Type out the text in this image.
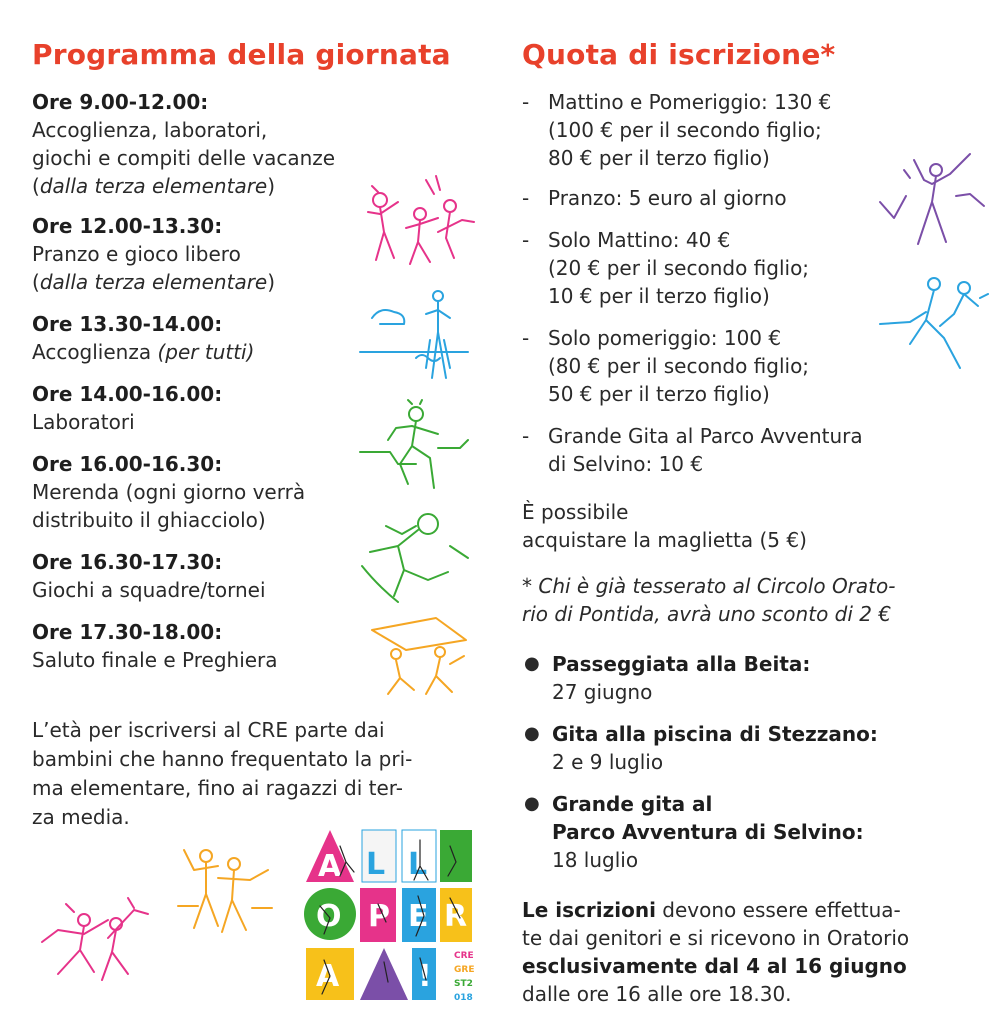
Programma della giornata
Ore 9.00-12.00:
Accoglienza, laboratori,
giochi e compiti delle vacanze
(dalla terza elementare)
Ore 12.00-13.30:
Pranzo e gioco libero
(dalla terza elementare)
Ore 13.30-14.00:
Accoglienza (per tutti)
Ore 14.00-16.00:
Laboratori
Ore 16.00-16.30:
Merenda (ogni giorno verrà
distribuito il ghiacciolo)
Ore 16.30-17.30:
Giochi a squadre/tornei
Ore 17.30-18.00:
Saluto finale e Preghiera
L’età per iscriversi al CRE parte dai
bambini che hanno frequentato la pri-
ma elementare, fino ai ragazzi di ter-
za media.
A L L
O P E R
A	!
CRE
GRE
ST2
018
Quota di iscrizione*
- Mattino e Pomeriggio: 130 €
(100 € per il secondo figlio;
80 € per il terzo figlio)
- Pranzo: 5 euro al giorno
- Solo Mattino: 40 €
(20 € per il secondo figlio;
10 € per il terzo figlio)
- Solo pomeriggio: 100 €
(80 € per il secondo figlio;
50 € per il terzo figlio)
- Grande Gita al Parco Avventura
di Selvino: 10 €
È possibile
acquistare la maglietta (5 €)
* Chi è già tesserato al Circolo Orato-
rio di Pontida, avrà uno sconto di 2 €
● Passeggiata alla Beita:
27 giugno
● Gita alla piscina di Stezzano:
2 e 9 luglio
● Grande gita al
Parco Avventura di Selvino:
18 luglio
Le iscrizioni devono essere effettua-
te dai genitori e si ricevono in Oratorio
esclusivamente dal 4 al 16 giugno
dalle ore 16 alle ore 18.30.
